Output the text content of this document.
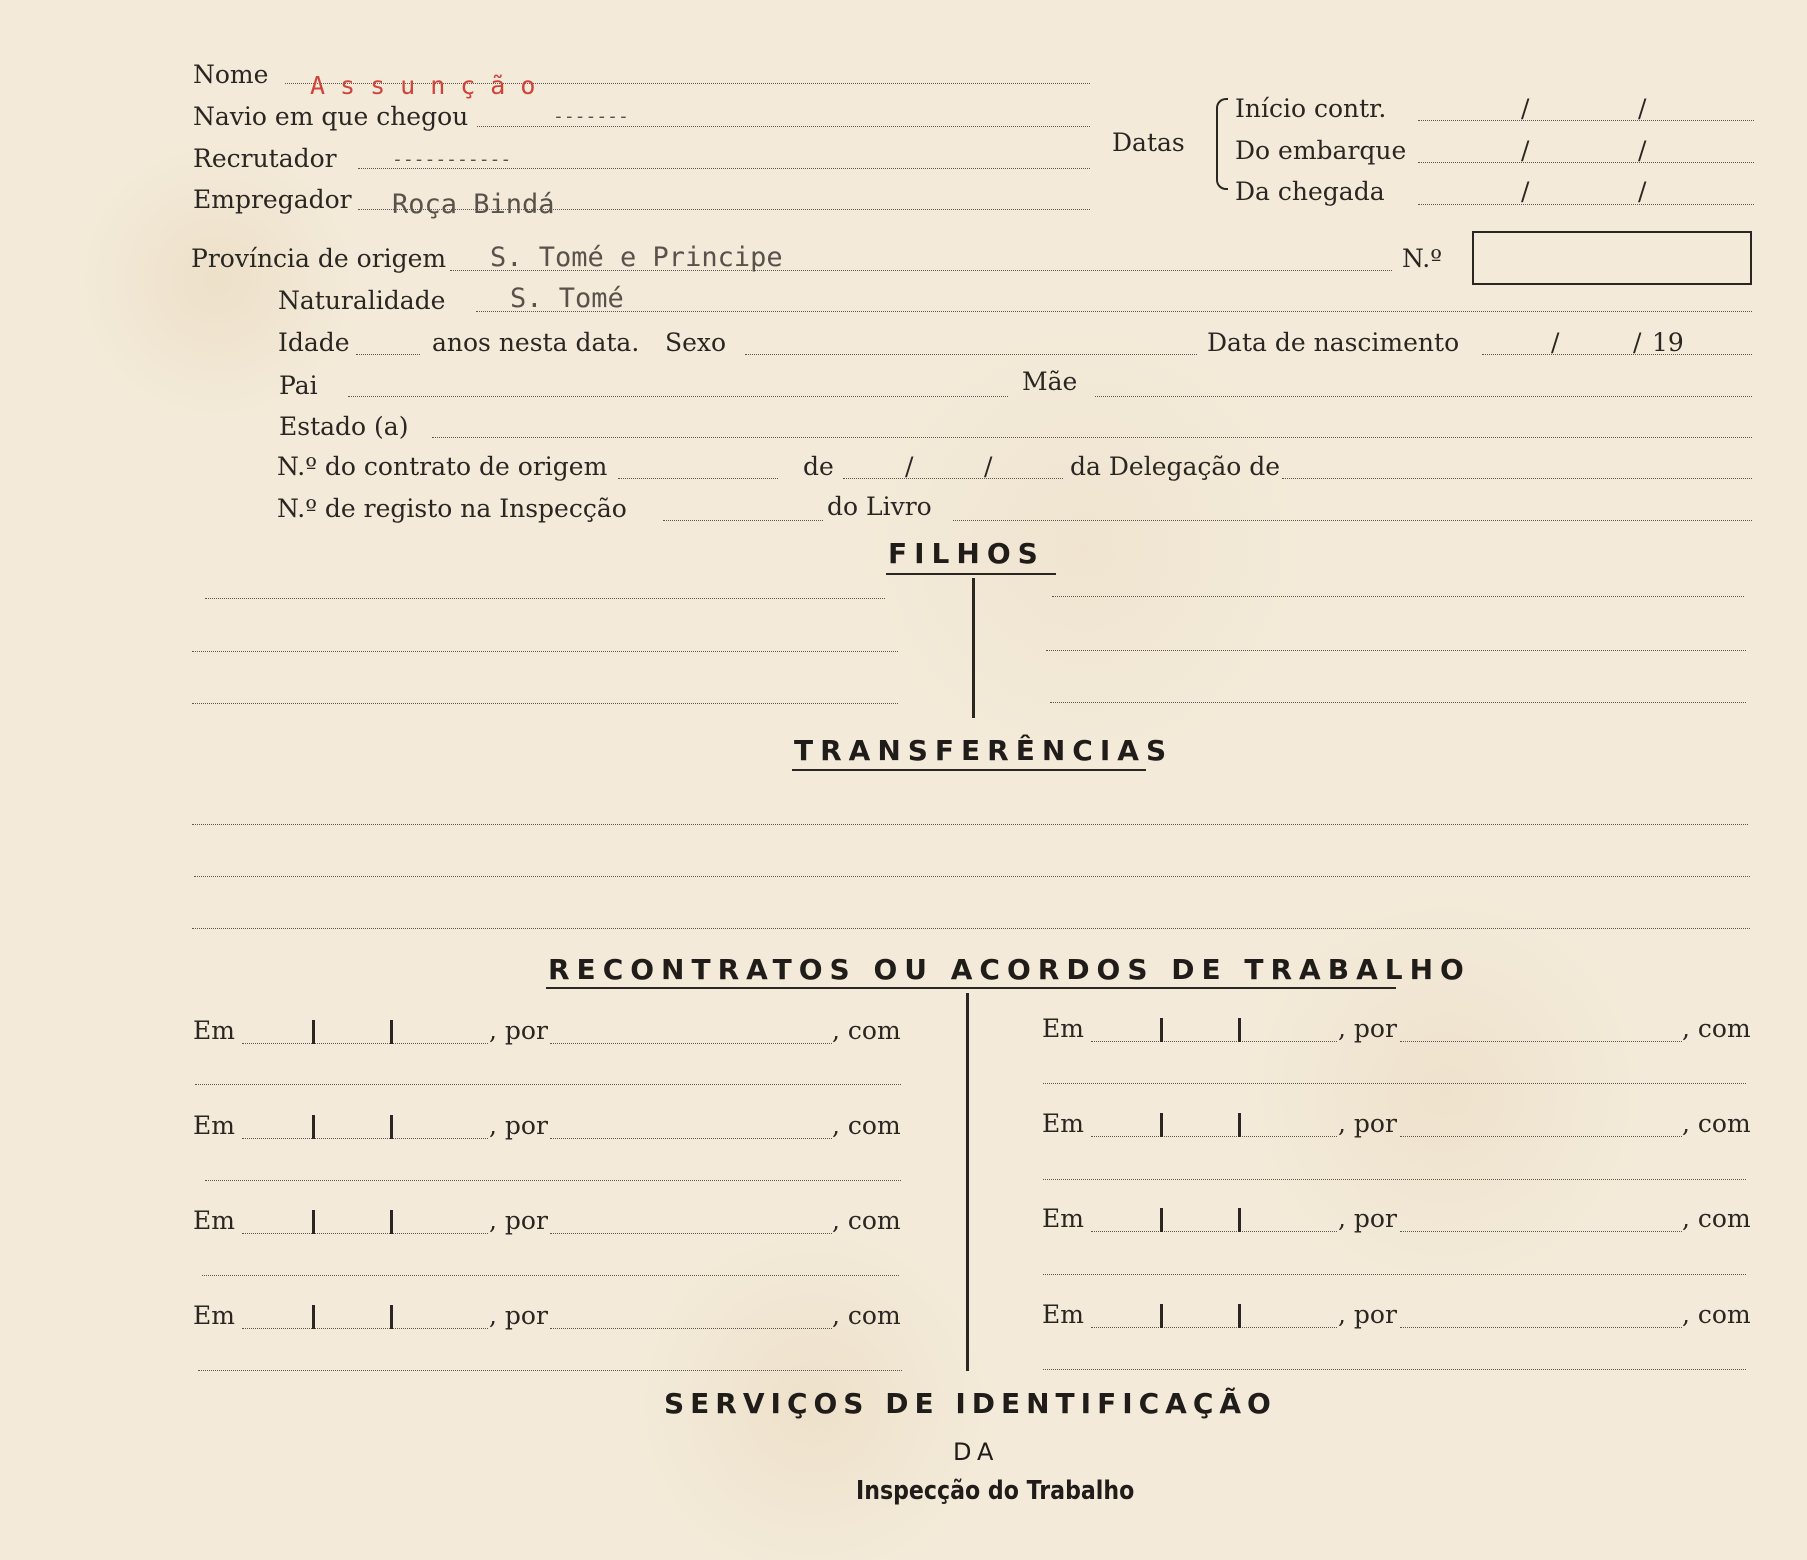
Nome Assunção
Navio em que chegou	-------
Recrutador	-----------
Empregador Roça Bindá
Datas
Início contr.	/	/
Do embarque	/	/
Da chegada	/	/
Província de origem S. Tomé e Principe	N.º
Naturalidade S. Tomé
Idade	anos nesta data. Sexo	Data de nascimento	/	/ 19
Pai	Mãe
Estado (a)
N.º do contrato de origem	de	/	/	da Delegação de
N.º de registo na Inspecção	do Livro
FILHOS
TRANSFERÊNCIAS
RECONTRATOS OU ACORDOS DE TRABALHO
Em	, por	, com
Em	, por	, com
Em	, por	, com
Em	, por	, com
Em	, por	, com
Em	, por	, com
Em	, por	, com
Em	, por	, com
SERVIÇOS DE IDENTIFICAÇÃO
DA
Inspecção do Trabalho
